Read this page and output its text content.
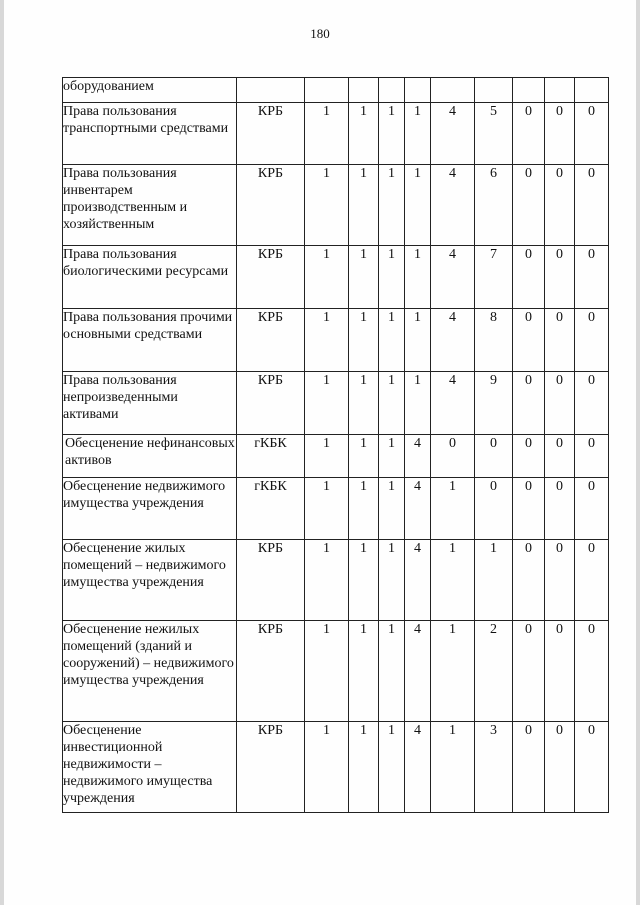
180
оборудованием										
Права пользования транспортными средствами	КРБ	1	1	1	1	4	5	0	0	0
Права пользования инвентарем производственным и хозяйственным	КРБ	1	1	1	1	4	6	0	0	0
Права пользования биологическими ресурсами	КРБ	1	1	1	1	4	7	0	0	0
Права пользования прочими основными средствами	КРБ	1	1	1	1	4	8	0	0	0
Права пользования непроизведенными активами	КРБ	1	1	1	1	4	9	0	0	0
Обесценение нефинансовых активов	гКБК	1	1	1	4	0	0	0	0	0
Обесценение недвижимого имущества учреждения	гКБК	1	1	1	4	1	0	0	0	0
Обесценение жилых помещений – недвижимого имущества учреждения	КРБ	1	1	1	4	1	1	0	0	0
Обесценение нежилых помещений (зданий и сооружений) – недвижимого имущества учреждения	КРБ	1	1	1	4	1	2	0	0	0
Обесценение инвестиционной недвижимости – недвижимого имущества учреждения	КРБ	1	1	1	4	1	3	0	0	0
